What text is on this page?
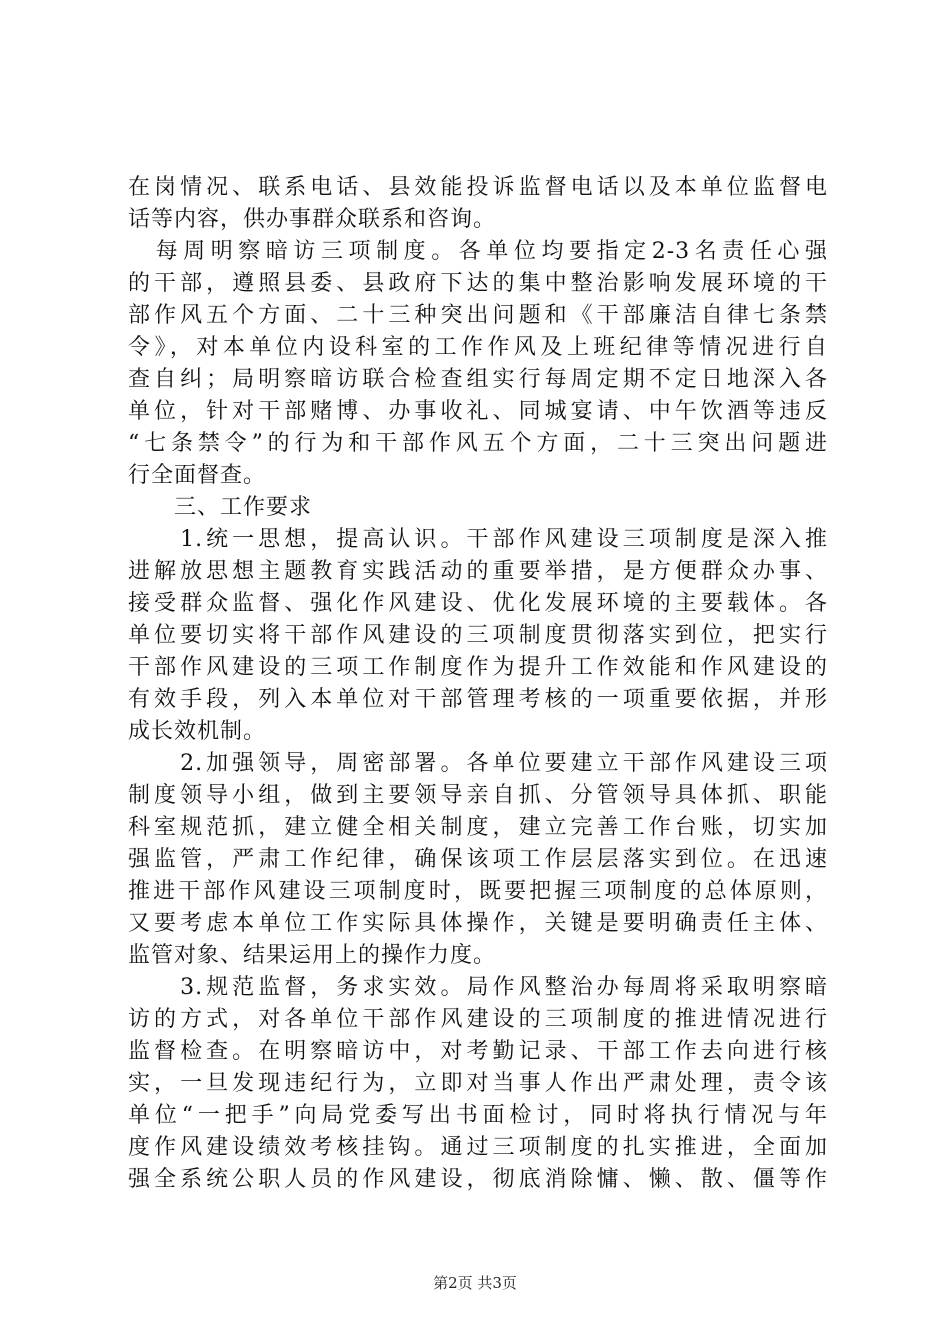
在岗情况、联系电话、县效能投诉监督电话以及本单位监督电
话等内容，供办事群众联系和咨询。
　每周明察暗访三项制度。各单位均要指定2-3名责任心强
的干部，遵照县委、县政府下达的集中整治影响发展环境的干
部作风五个方面、二十三种突出问题和《干部廉洁自律七条禁
令》，对本单位内设科室的工作作风及上班纪律等情况进行自
查自纠；局明察暗访联合检查组实行每周定期不定日地深入各
单位，针对干部赌博、办事收礼、同城宴请、中午饮酒等违反
“七条禁令”的行为和干部作风五个方面，二十三突出问题进
行全面督查。
　　三、工作要求
　　1.统一思想，提高认识。干部作风建设三项制度是深入推
进解放思想主题教育实践活动的重要举措，是方便群众办事、
接受群众监督、强化作风建设、优化发展环境的主要载体。各
单位要切实将干部作风建设的三项制度贯彻落实到位，把实行
干部作风建设的三项工作制度作为提升工作效能和作风建设的
有效手段，列入本单位对干部管理考核的一项重要依据，并形
成长效机制。
　　2.加强领导，周密部署。各单位要建立干部作风建设三项
制度领导小组，做到主要领导亲自抓、分管领导具体抓、职能
科室规范抓，建立健全相关制度，建立完善工作台账，切实加
强监管，严肃工作纪律，确保该项工作层层落实到位。在迅速
推进干部作风建设三项制度时，既要把握三项制度的总体原则，
又要考虑本单位工作实际具体操作，关键是要明确责任主体、
监管对象、结果运用上的操作力度。
　　3.规范监督，务求实效。局作风整治办每周将采取明察暗
访的方式，对各单位干部作风建设的三项制度的推进情况进行
监督检查。在明察暗访中，对考勤记录、干部工作去向进行核
实，一旦发现违纪行为，立即对当事人作出严肃处理，责令该
单位“一把手”向局党委写出书面检讨，同时将执行情况与年
度作风建设绩效考核挂钩。通过三项制度的扎实推进，全面加
强全系统公职人员的作风建设，彻底消除慵、懒、散、僵等作
第2页 共3页
